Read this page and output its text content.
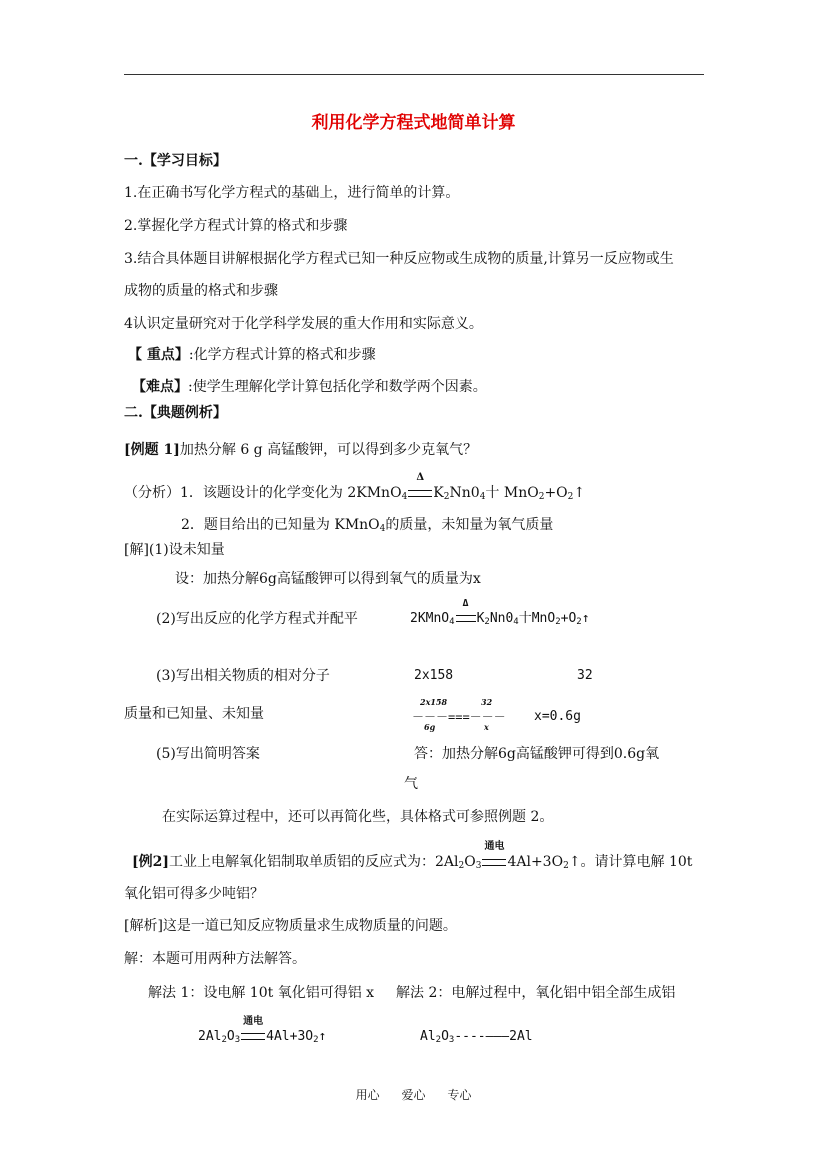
利用化学方程式地简单计算
一.【学习目标】
1.在正确书写化学方程式的基础上，进行简单的计算。
2.掌握化学方程式计算的格式和步骤
3.结合具体题目讲解根据化学方程式已知一种反应物或生成物的质量,计算另一反应物或生
成物的质量的格式和步骤
4认识定量研究对于化学科学发展的重大作用和实际意义。
【 重点】:化学方程式计算的格式和步骤
【难点】:使学生理解化学计算包括化学和数学两个因素。
二.【典题例析】
[例题 1]加热分解 6 g 高锰酸钾，可以得到多少克氧气？
（分析）1．该题设计的化学变化为 2KMnO$_4$
Δ
$K_2Nn0_4$十 $MnO_2+O_2↑$
2．题目给出的已知量为 KMnO$_4$的质量，未知量为氧气质量
[解](1)设未知量
设：加热分解6g高锰酸钾可以得到氧气的质量为x
(2)写出反应的化学方程式并配平	2KMnO$_4$
Δ
$K_2Nn0_4$十$MnO_2+O_2↑$
(3)写出相关物质的相对分子	2x158	32
质量和已知量、未知量
2x158
6g
32
x
－－－===－－－ x=0.6g
(5)写出简明答案	答：加热分解6g高锰酸钾可得到0.6g氧
气
在实际运算过程中，还可以再简化些，具体格式可参照例题 2。
[例2]工业上电解氧化铝制取单质铝的反应式为：$2Al_2O_3$
通电
$4Al+3O_2↑$。请计算电解 10t
氧化铝可得多少吨铝？
[解析]这是一道已知反应物质量求生成物质量的问题。
解：本题可用两种方法解答。
解法 1：设电解 10t 氧化铝可得铝 x 解法 2：电解过程中，氧化铝中铝全部生成铝
$2Al_2O_3$
通电
$4Al+3O_2↑$	$Al_2O_3----———2Al$
用心 爱心 专心
